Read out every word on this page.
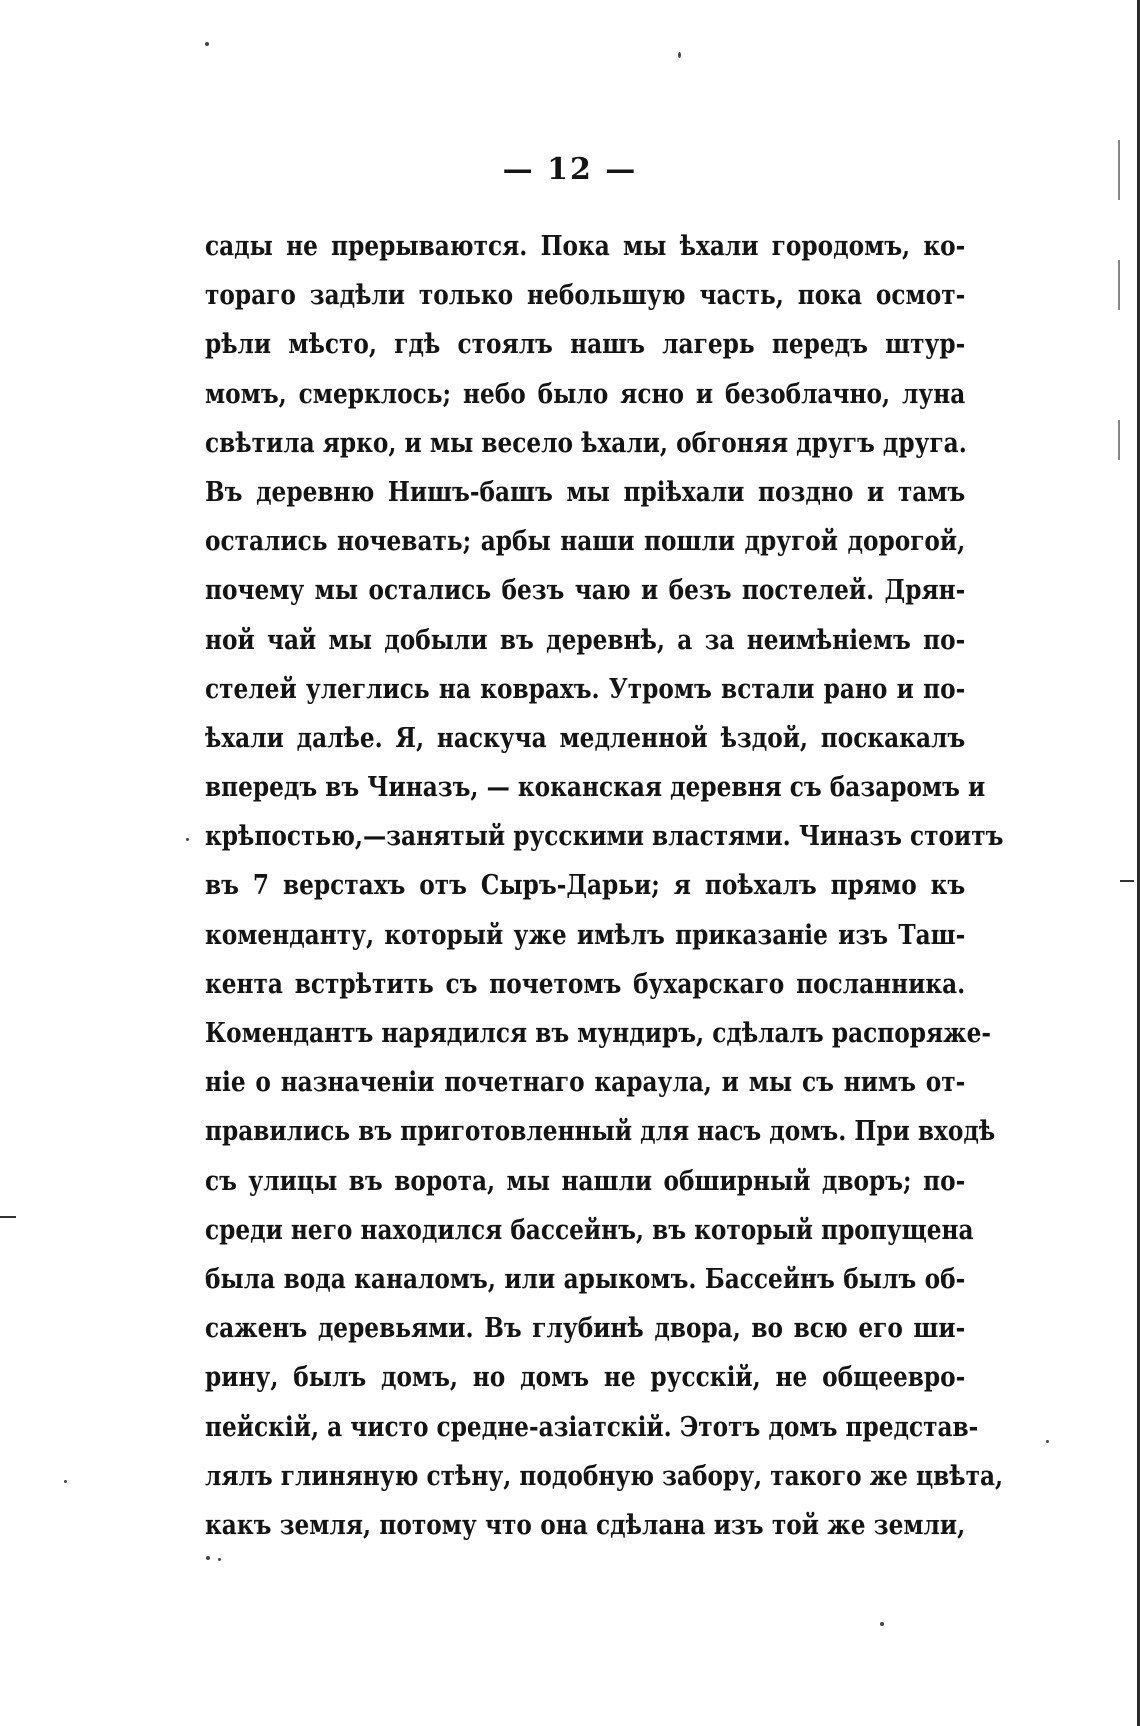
— 12 —
сады не прерываются. Пока мы ѣхали городомъ, ко-
тораго задѣли только небольшую часть, пока осмот-
рѣли мѣсто, гдѣ стоялъ нашъ лагерь передъ штур-
момъ, смерклось; небо было ясно и безоблачно, луна
свѣтила ярко, и мы весело ѣхали, обгоняя другъ друга.
Въ деревню Нишъ-башъ мы пріѣхали поздно и тамъ
остались ночевать; арбы наши пошли другой дорогой,
почему мы остались безъ чаю и безъ постелей. Дрян-
ной чай мы добыли въ деревнѣ, а за неимѣніемъ по-
стелей улеглись на коврахъ. Утромъ встали рано и по-
ѣхали далѣе. Я, наскуча медленной ѣздой, поскакалъ
впередъ въ Чиназъ, — коканская деревня съ базаромъ и
крѣпостью,—занятый русскими властями. Чиназъ стоитъ
въ 7 верстахъ отъ Сыръ-Дарьи; я поѣхалъ прямо къ
коменданту, который уже имѣлъ приказаніе изъ Таш-
кента встрѣтить съ почетомъ бухарскаго посланника.
Комендантъ нарядился въ мундиръ, сдѣлалъ распоряже-
ніе о назначеніи почетнаго караула, и мы съ нимъ от-
правились въ приготовленный для насъ домъ. При входѣ
съ улицы въ ворота, мы нашли обширный дворъ; по-
среди него находился бассейнъ, въ который пропущена
была вода каналомъ, или арыкомъ. Бассейнъ былъ об-
саженъ деревьями. Въ глубинѣ двора, во всю его ши-
рину, былъ домъ, но домъ не русскій, не общеевро-
пейскій, а чисто средне-азіатскій. Этотъ домъ представ-
лялъ глиняную стѣну, подобную забору, такого же цвѣта,
какъ земля, потому что она сдѣлана изъ той же земли,
